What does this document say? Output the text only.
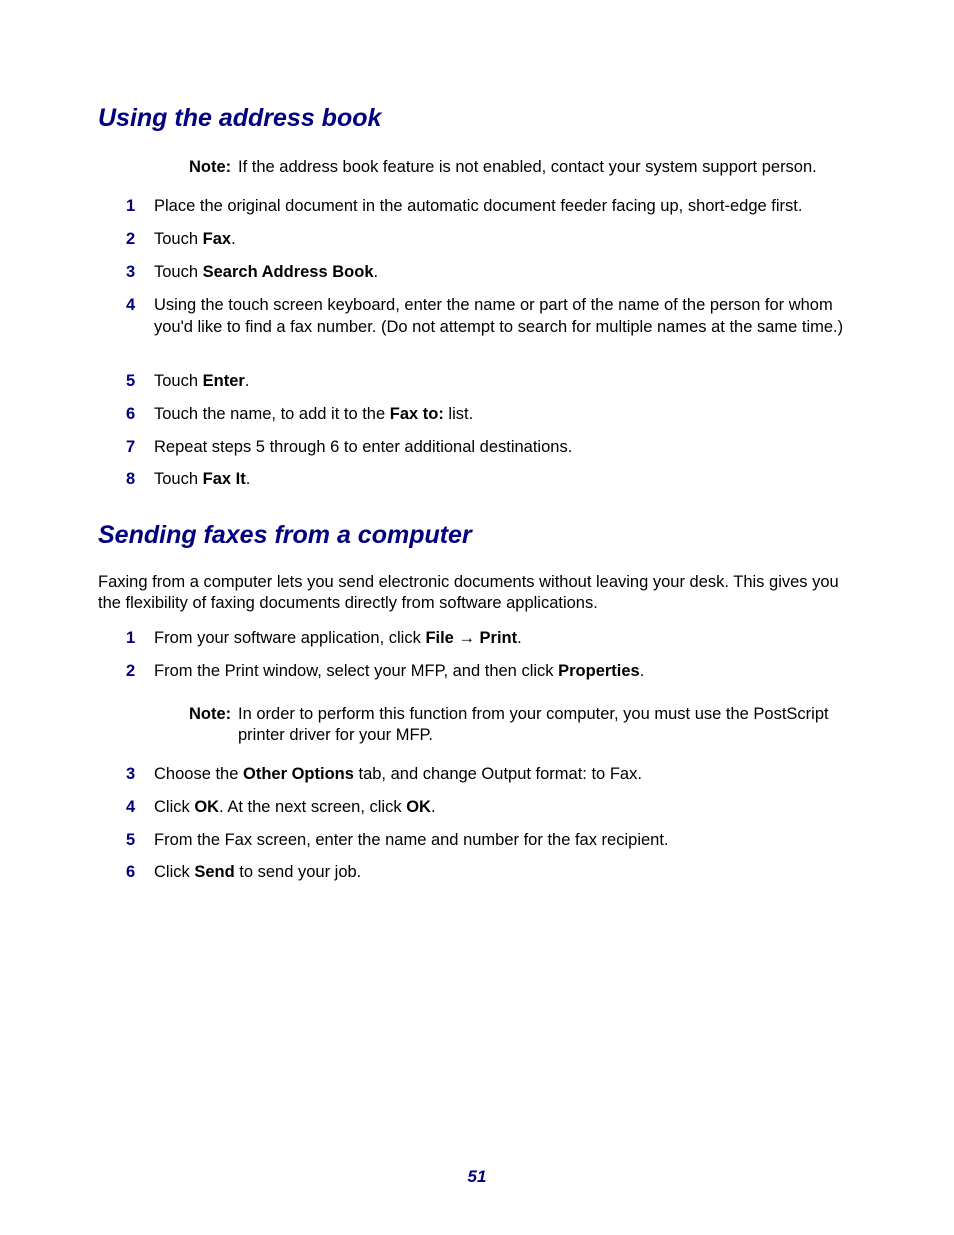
Using the address book
Note: If the address book feature is not enabled, contact your system support person.
1 Place the original document in the automatic document feeder facing up, short-edge first.
2 Touch Fax.
3 Touch Search Address Book.
4 Using the touch screen keyboard, enter the name or part of the name of the person for whom you'd like to find a fax number. (Do not attempt to search for multiple names at the same time.)
5 Touch Enter.
6 Touch the name, to add it to the Fax to: list.
7 Repeat steps 5 through 6 to enter additional destinations.
8 Touch Fax It.
Sending faxes from a computer
Faxing from a computer lets you send electronic documents without leaving your desk. This gives you the flexibility of faxing documents directly from software applications.
1 From your software application, click File → Print.
2 From the Print window, select your MFP, and then click Properties.
Note: In order to perform this function from your computer, you must use the PostScript printer driver for your MFP.
3 Choose the Other Options tab, and change Output format: to Fax.
4 Click OK. At the next screen, click OK.
5 From the Fax screen, enter the name and number for the fax recipient.
6 Click Send to send your job.
51
